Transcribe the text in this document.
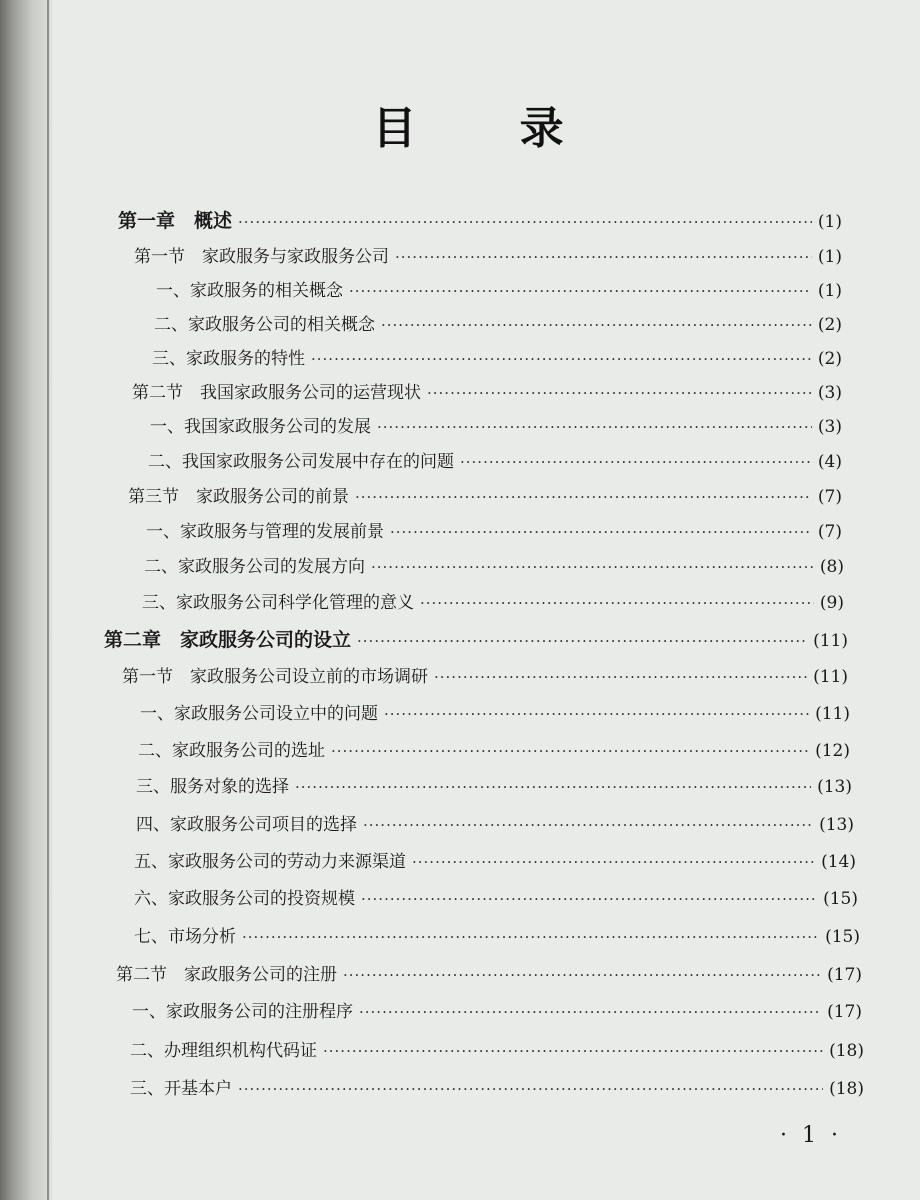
目 录
第一章　概述 ·····	(1)
第一节　家政服务与家政服务公司 ·····	(1)
一、家政服务的相关概念 ·····	(1)
二、家政服务公司的相关概念 ·····	(2)
三、家政服务的特性 ·····	(2)
第二节　我国家政服务公司的运营现状 ·····	(3)
一、我国家政服务公司的发展 ·····	(3)
二、我国家政服务公司发展中存在的问题 ·····	(4)
第三节　家政服务公司的前景 ·····	(7)
一、家政服务与管理的发展前景 ·····	(7)
二、家政服务公司的发展方向 ·····	(8)
三、家政服务公司科学化管理的意义 ·····	(9)
第二章　家政服务公司的设立 ·····	(11)
第一节　家政服务公司设立前的市场调研 ·····	(11)
一、家政服务公司设立中的问题 ·····	(11)
二、家政服务公司的选址 ·····	(12)
三、服务对象的选择 ·····	(13)
四、家政服务公司项目的选择 ·····	(13)
五、家政服务公司的劳动力来源渠道 ·····	(14)
六、家政服务公司的投资规模 ·····	(15)
七、市场分析 ·····	(15)
第二节　家政服务公司的注册 ·····	(17)
一、家政服务公司的注册程序 ·····	(17)
二、办理组织机构代码证 ·····	(18)
三、开基本户 ·····	(18)
· 1 ·
